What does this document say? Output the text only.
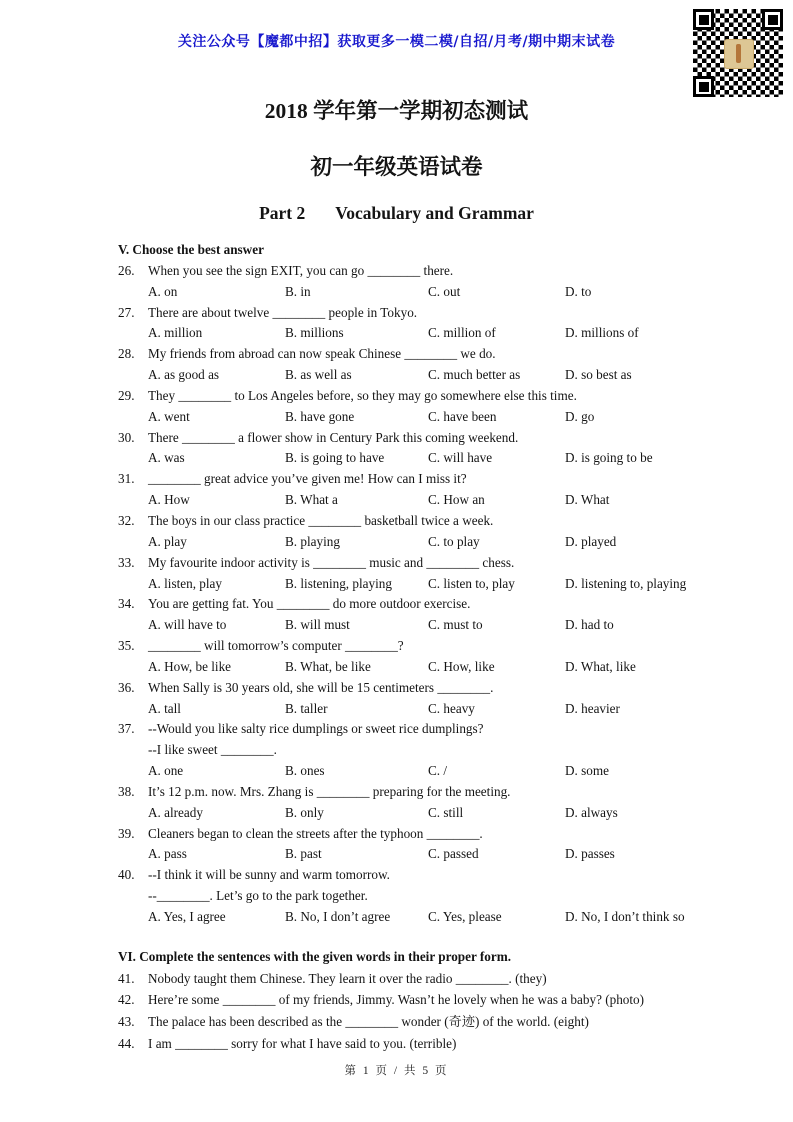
关注公众号【魔都中招】获取更多一模二模/自招/月考/期中期末试卷
2018 学年第一学期初态测试
初一年级英语试卷
Part 2 Vocabulary and Grammar
V. Choose the best answer
26.	When you see the sign EXIT, you can go ________ there.
A. on	B. in	C. out	D. to
27.	There are about twelve ________ people in Tokyo.
A. million	B. millions	C. million of	D. millions of
28.	My friends from abroad can now speak Chinese ________ we do.
A. as good as	B. as well as	C. much better as	D. so best as
29.	They ________ to Los Angeles before, so they may go somewhere else this time.
A. went	B. have gone	C. have been	D. go
30.	There ________ a flower show in Century Park this coming weekend.
A. was	B. is going to have	C. will have	D. is going to be
31.	________ great advice you’ve given me! How can I miss it?
A. How	B. What a	C. How an	D. What
32.	The boys in our class practice ________ basketball twice a week.
A. play	B. playing	C. to play	D. played
33.	My favourite indoor activity is ________ music and ________ chess.
A. listen, play	B. listening, playing	C. listen to, play	D. listening to, playing
34.	You are getting fat. You ________ do more outdoor exercise.
A. will have to	B. will must	C. must to	D. had to
35.	________ will tomorrow’s computer ________?
A. How, be like	B. What, be like	C. How, like	D. What, like
36.	When Sally is 30 years old, she will be 15 centimeters ________.
A. tall	B. taller	C. heavy	D. heavier
37.	--Would you like salty rice dumplings or sweet rice dumplings?
--I like sweet ________.
A. one	B. ones	C. /	D. some
38.	It’s 12 p.m. now. Mrs. Zhang is ________ preparing for the meeting.
A. already	B. only	C. still	D. always
39.	Cleaners began to clean the streets after the typhoon ________.
A. pass	B. past	C. passed	D. passes
40.	--I think it will be sunny and warm tomorrow.
--________. Let’s go to the park together.
A. Yes, I agree	B. No, I don’t agree	C. Yes, please	D. No, I don’t think so
VI. Complete the sentences with the given words in their proper form.
41.	Nobody taught them Chinese. They learn it over the radio ________. (they)
42.	Here’re some ________ of my friends, Jimmy. Wasn’t he lovely when he was a baby? (photo)
43.	The palace has been described as the ________ wonder (奇迹) of the world. (eight)
44.	I am ________ sorry for what I have said to you. (terrible)
第 1 页 / 共 5 页
